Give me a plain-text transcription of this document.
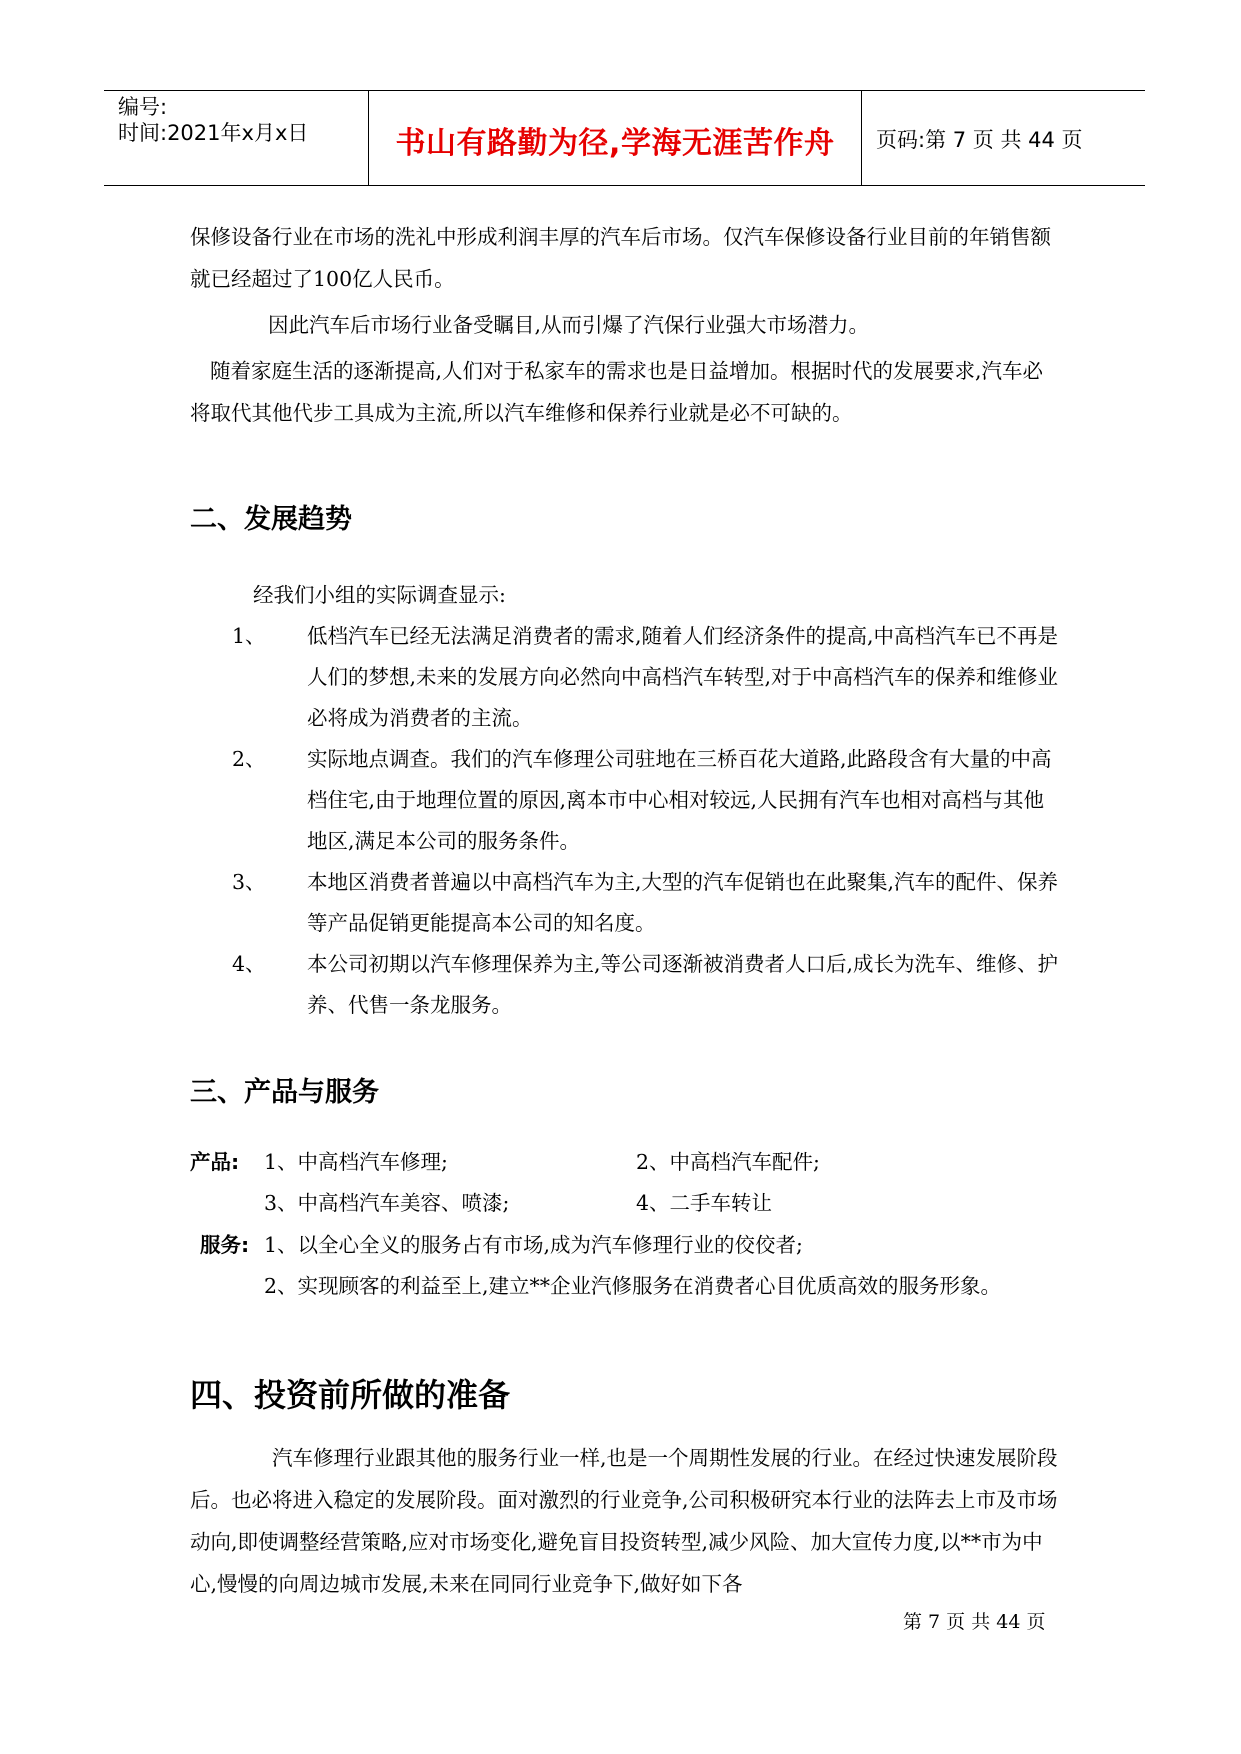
编号:
时间:2021年x月x日	书山有路勤为径,学海无涯苦作舟	页码:第 7 页 共 44 页

保修设备行业在市场的洗礼中形成利润丰厚的汽车后市场。仅汽车保修设备行业目前的年销售额就已经超过了100亿人民币。

因此汽车后市场行业备受瞩目,从而引爆了汽保行业强大市场潜力。

随着家庭生活的逐渐提高,人们对于私家车的需求也是日益增加。根据时代的发展要求,汽车必将取代其他代步工具成为主流,所以汽车维修和保养行业就是必不可缺的。

二、发展趋势

经我们小组的实际调查显示:

1、 低档汽车已经无法满足消费者的需求,随着人们经济条件的提高,中高档汽车已不再是人们的梦想,未来的发展方向必然向中高档汽车转型,对于中高档汽车的保养和维修业必将成为消费者的主流。
2、 实际地点调查。我们的汽车修理公司驻地在三桥百花大道路,此路段含有大量的中高档住宅,由于地理位置的原因,离本市中心相对较远,人民拥有汽车也相对高档与其他地区,满足本公司的服务条件。
3、 本地区消费者普遍以中高档汽车为主,大型的汽车促销也在此聚集,汽车的配件、保养等产品促销更能提高本公司的知名度。
4、 本公司初期以汽车修理保养为主,等公司逐渐被消费者人口后,成长为洗车、维修、护养、代售一条龙服务。
三、产品与服务
产品: 1、中高档汽车修理;	2、中高档汽车配件;
3、中高档汽车美容、喷漆;	4、二手车转让
服务: 1、以全心全义的服务占有市场,成为汽车修理行业的佼佼者;
2、实现顾客的利益至上,建立**企业汽修服务在消费者心目优质高效的服务形象。
四、投资前所做的准备

汽车修理行业跟其他的服务行业一样,也是一个周期性发展的行业。在经过快速发展阶段后。也必将进入稳定的发展阶段。面对激烈的行业竞争,公司积极研究本行业的法阵去上市及市场动向,即使调整经营策略,应对市场变化,避免盲目投资转型,减少风险、加大宣传力度,以**市为中心,慢慢的向周边城市发展,未来在同同行业竞争下,做好如下各

第 7 页 共 44 页
